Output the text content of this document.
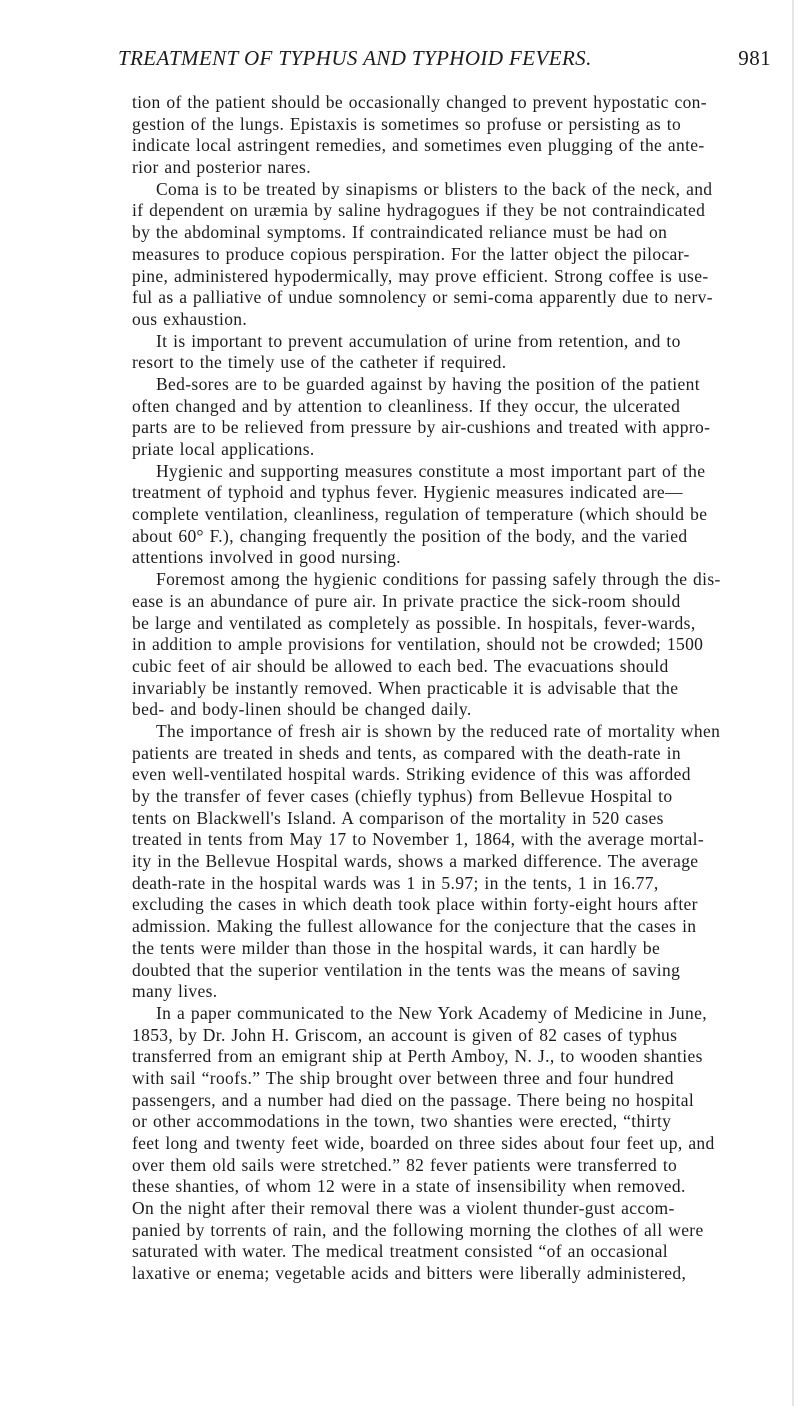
TREATMENT OF TYPHUS AND TYPHOID FEVERS.	981
tion of the patient should be occasionally changed to prevent hypostatic con-
gestion of the lungs. Epistaxis is sometimes so profuse or persisting as to
indicate local astringent remedies, and sometimes even plugging of the ante-
rior and posterior nares.
Coma is to be treated by sinapisms or blisters to the back of the neck, and
if dependent on uræmia by saline hydragogues if they be not contraindicated
by the abdominal symptoms. If contraindicated reliance must be had on
measures to produce copious perspiration. For the latter object the pilocar-
pine, administered hypodermically, may prove efficient. Strong coffee is use-
ful as a palliative of undue somnolency or semi-coma apparently due to nerv-
ous exhaustion.
It is important to prevent accumulation of urine from retention, and to
resort to the timely use of the catheter if required.
Bed-sores are to be guarded against by having the position of the patient
often changed and by attention to cleanliness. If they occur, the ulcerated
parts are to be relieved from pressure by air-cushions and treated with appro-
priate local applications.
Hygienic and supporting measures constitute a most important part of the
treatment of typhoid and typhus fever. Hygienic measures indicated are—
complete ventilation, cleanliness, regulation of temperature (which should be
about 60° F.), changing frequently the position of the body, and the varied
attentions involved in good nursing.
Foremost among the hygienic conditions for passing safely through the dis-
ease is an abundance of pure air. In private practice the sick-room should
be large and ventilated as completely as possible. In hospitals, fever-wards,
in addition to ample provisions for ventilation, should not be crowded; 1500
cubic feet of air should be allowed to each bed. The evacuations should
invariably be instantly removed. When practicable it is advisable that the
bed- and body-linen should be changed daily.
The importance of fresh air is shown by the reduced rate of mortality when
patients are treated in sheds and tents, as compared with the death-rate in
even well-ventilated hospital wards. Striking evidence of this was afforded
by the transfer of fever cases (chiefly typhus) from Bellevue Hospital to
tents on Blackwell's Island. A comparison of the mortality in 520 cases
treated in tents from May 17 to November 1, 1864, with the average mortal-
ity in the Bellevue Hospital wards, shows a marked difference. The average
death-rate in the hospital wards was 1 in 5.97; in the tents, 1 in 16.77,
excluding the cases in which death took place within forty-eight hours after
admission. Making the fullest allowance for the conjecture that the cases in
the tents were milder than those in the hospital wards, it can hardly be
doubted that the superior ventilation in the tents was the means of saving
many lives.
In a paper communicated to the New York Academy of Medicine in June,
1853, by Dr. John H. Griscom, an account is given of 82 cases of typhus
transferred from an emigrant ship at Perth Amboy, N. J., to wooden shanties
with sail “roofs.” The ship brought over between three and four hundred
passengers, and a number had died on the passage. There being no hospital
or other accommodations in the town, two shanties were erected, “thirty
feet long and twenty feet wide, boarded on three sides about four feet up, and
over them old sails were stretched.” 82 fever patients were transferred to
these shanties, of whom 12 were in a state of insensibility when removed.
On the night after their removal there was a violent thunder-gust accom-
panied by torrents of rain, and the following morning the clothes of all were
saturated with water. The medical treatment consisted “of an occasional
laxative or enema; vegetable acids and bitters were liberally administered,
